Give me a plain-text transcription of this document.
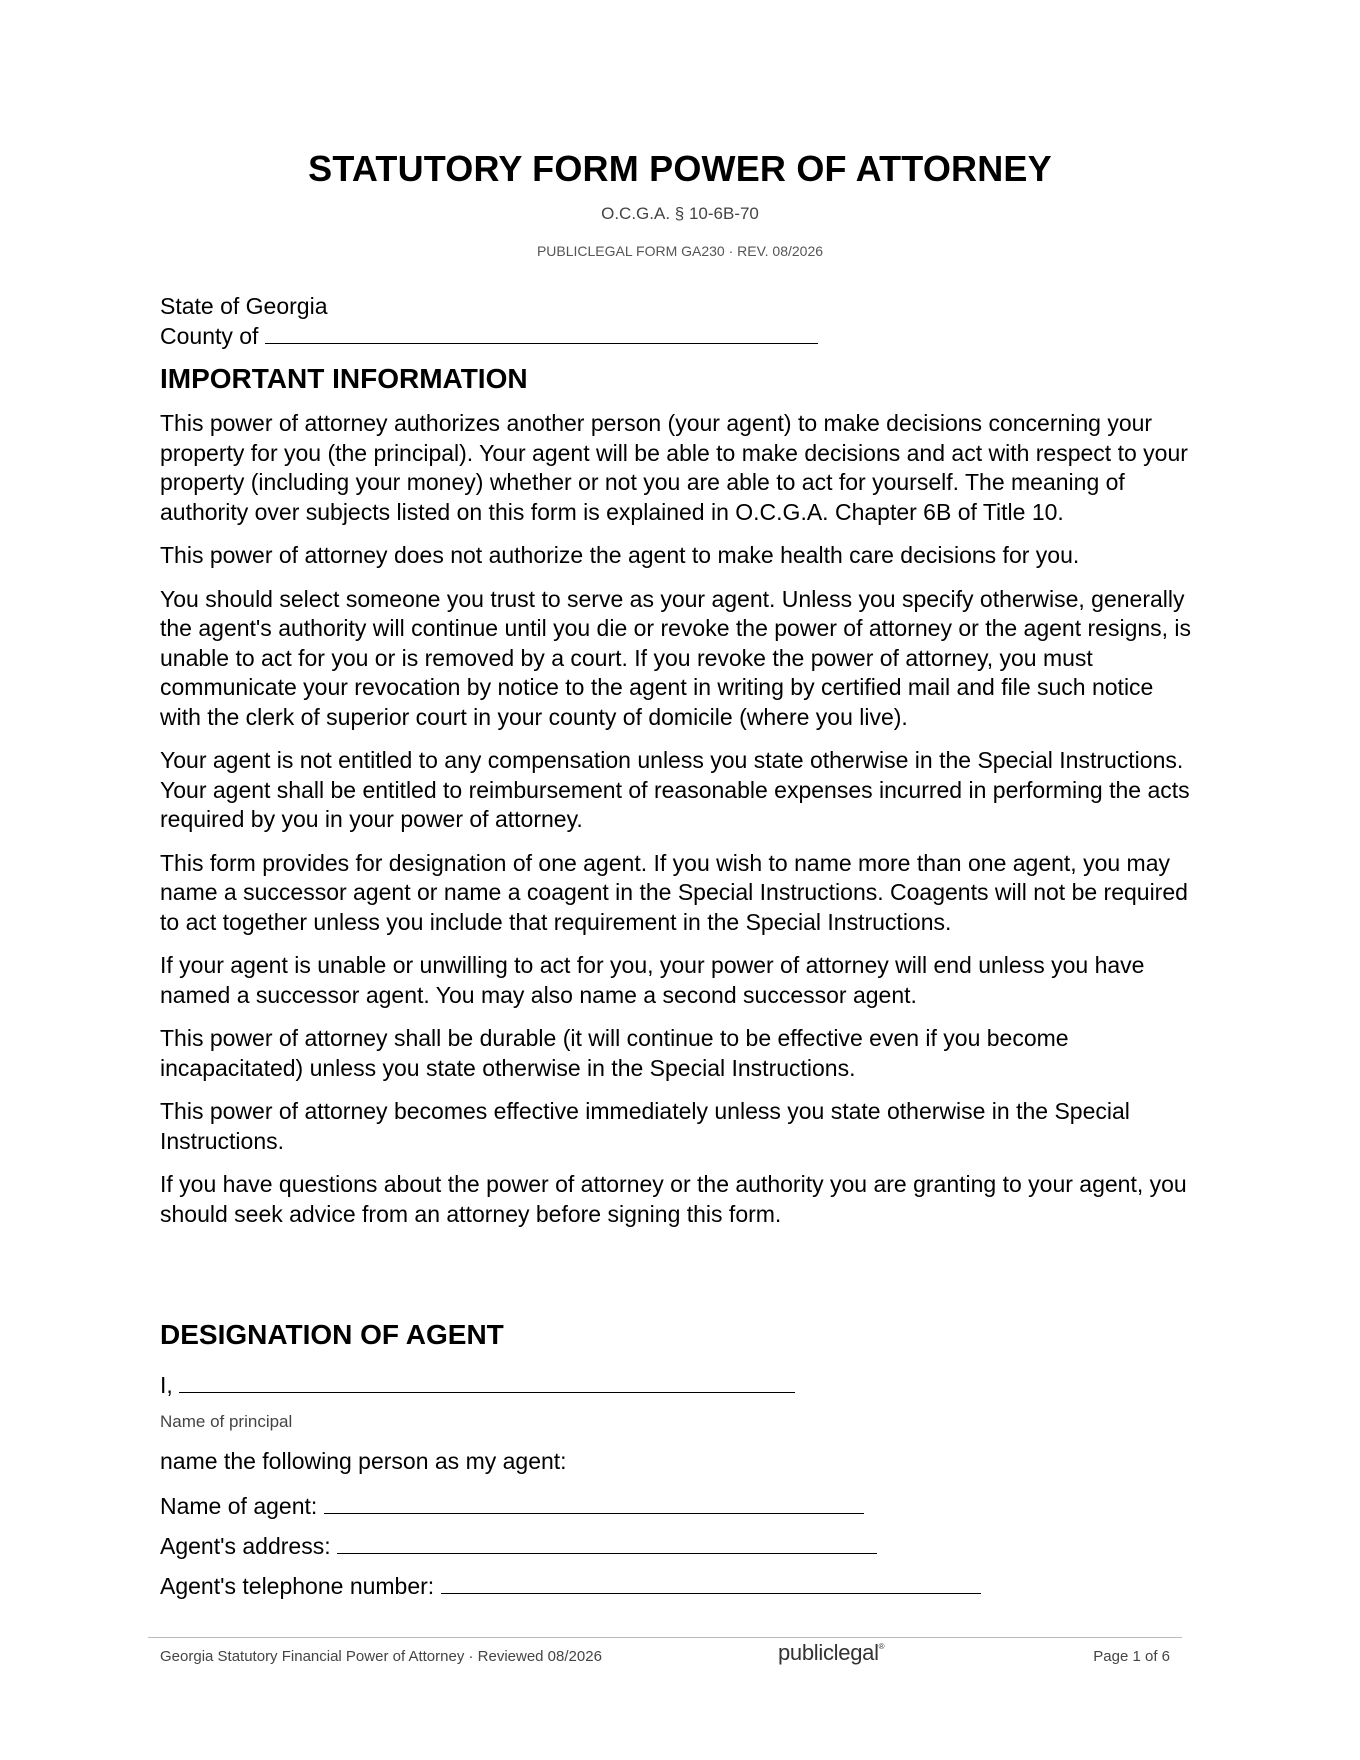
STATUTORY FORM POWER OF ATTORNEY
O.C.G.A. § 10-6B-70
PUBLICLEGAL FORM GA230 · REV. 08/2026
State of Georgia
County of
IMPORTANT INFORMATION

This power of attorney authorizes another person (your agent) to make decisions concerning your property for you (the principal). Your agent will be able to make decisions and act with respect to your property (including your money) whether or not you are able to act for yourself. The meaning of authority over subjects listed on this form is explained in O.C.G.A. Chapter 6B of Title 10.

This power of attorney does not authorize the agent to make health care decisions for you.

You should select someone you trust to serve as your agent. Unless you specify otherwise, generally the agent's authority will continue until you die or revoke the power of attorney or the agent resigns, is unable to act for you or is removed by a court. If you revoke the power of attorney, you must communicate your revocation by notice to the agent in writing by certified mail and file such notice with the clerk of superior court in your county of domicile (where you live).

Your agent is not entitled to any compensation unless you state otherwise in the Special Instructions. Your agent shall be entitled to reimbursement of reasonable expenses incurred in performing the acts required by you in your power of attorney.

This form provides for designation of one agent. If you wish to name more than one agent, you may name a successor agent or name a coagent in the Special Instructions. Coagents will not be required to act together unless you include that requirement in the Special Instructions.

If your agent is unable or unwilling to act for you, your power of attorney will end unless you have named a successor agent. You may also name a second successor agent.

This power of attorney shall be durable (it will continue to be effective even if you become incapacitated) unless you state otherwise in the Special Instructions.

This power of attorney becomes effective immediately unless you state otherwise in the Special Instructions.

If you have questions about the power of attorney or the authority you are granting to your agent, you should seek advice from an attorney before signing this form.

DESIGNATION OF AGENT
I,
Name of principal
name the following person as my agent:
Name of agent:
Agent's address:
Agent's telephone number:
Georgia Statutory Financial Power of Attorney · Reviewed 08/2026	publiclegal®
Page 1 of 6
